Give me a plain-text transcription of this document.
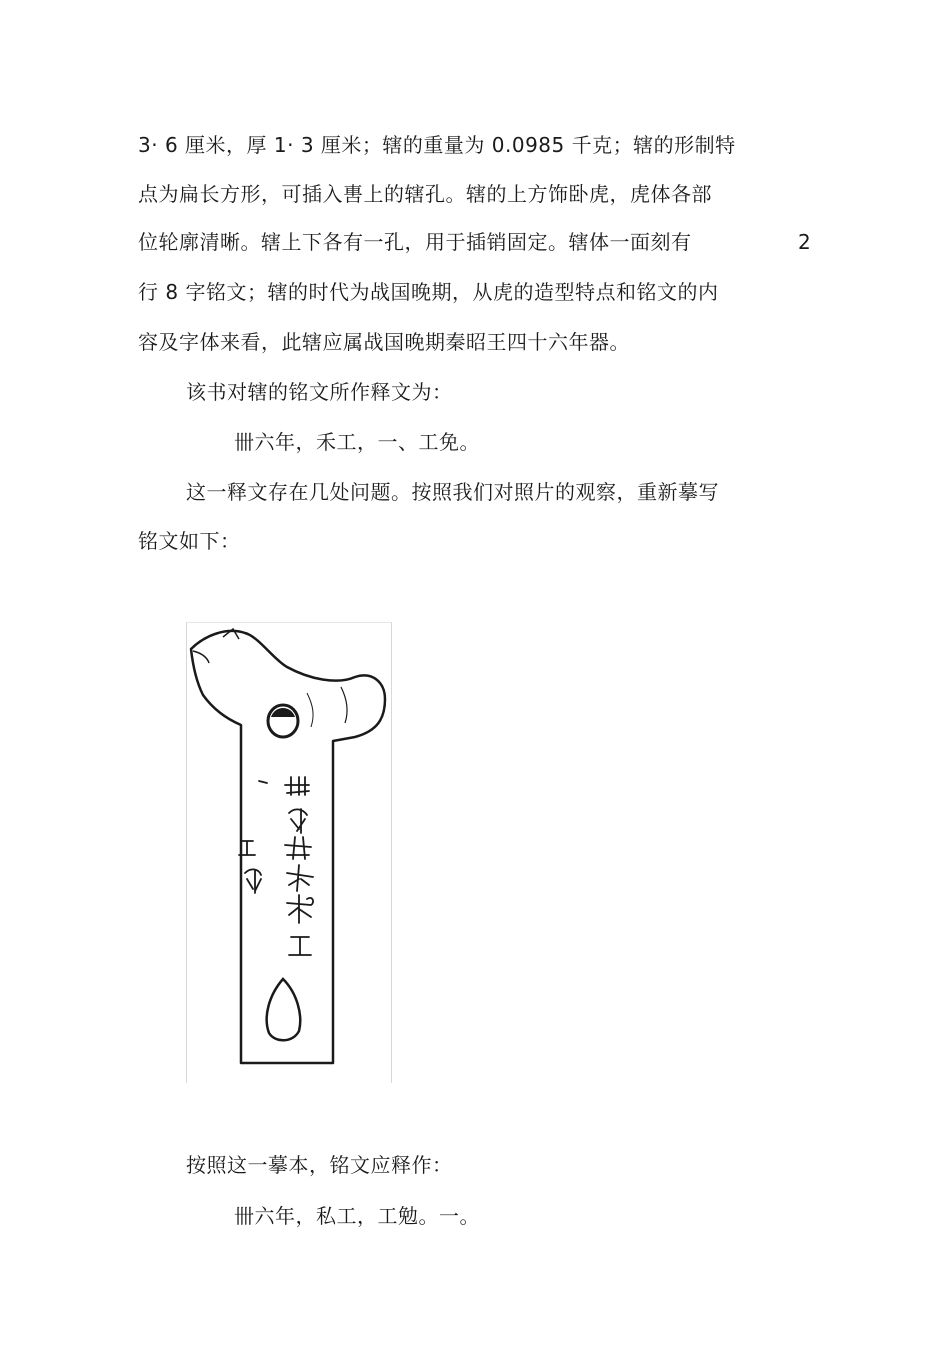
3· 6 厘米，厚 1· 3 厘米；辖的重量为 0.0985 千克；辖的形制特
点为扁长方形，可插入軎上的辖孔。辖的上方饰卧虎，虎体各部
位轮廓清晰。辖上下各有一孔，用于插销固定。辖体一面刻有	2
行 8 字铭文；辖的时代为战国晚期，从虎的造型特点和铭文的内
容及字体来看，此辖应属战国晚期秦昭王四十六年器。
该书对辖的铭文所作释文为：
卌六年，禾工，一、工免。
这一释文存在几处问题。按照我们对照片的观察，重新摹写
铭文如下：
按照这一摹本，铭文应释作：
卌六年，私工，工勉。一。
